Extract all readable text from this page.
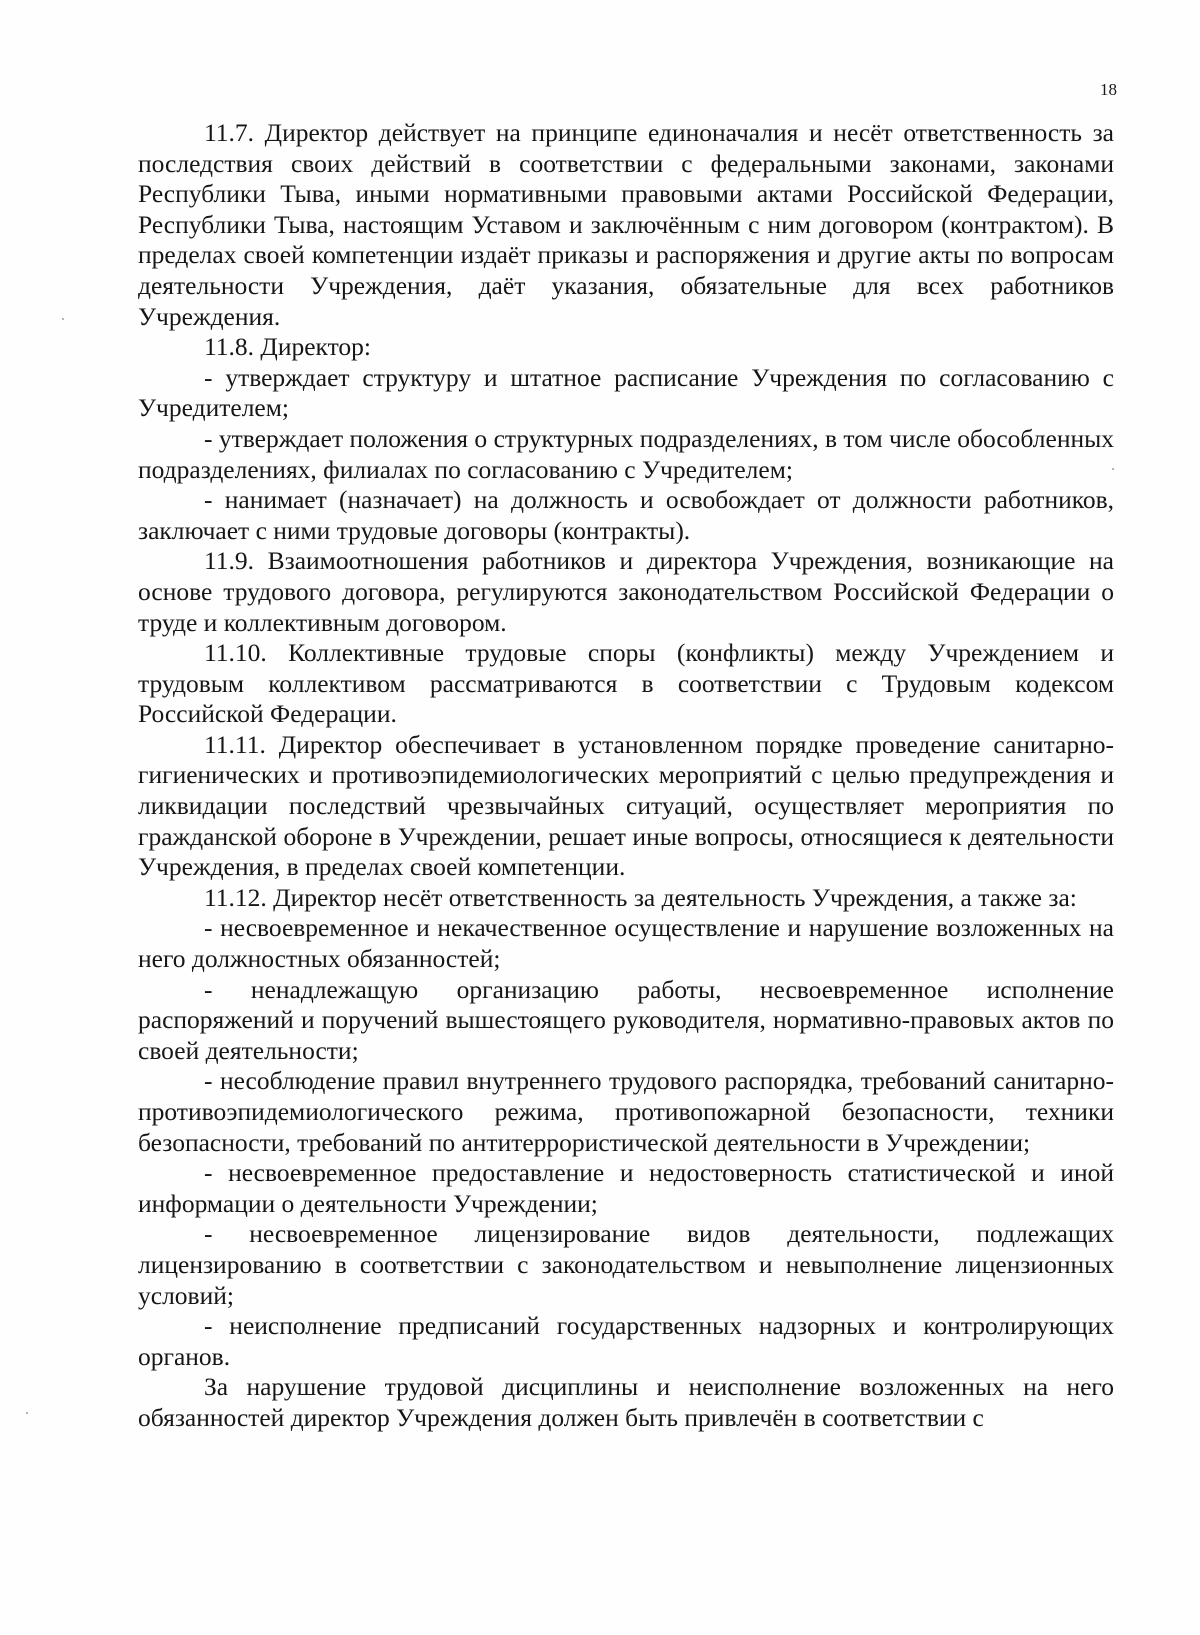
18

11.7. Директор действует на принципе единоначалия и несёт ответственность за последствия своих действий в соответствии с федеральными законами, законами Республики Тыва, иными нормативными правовыми актами Российской Федерации, Республики Тыва, настоящим Уставом и заключённым с ним договором (контрактом). В пределах своей компетенции издаёт приказы и распоряжения и другие акты по вопросам деятельности Учреждения, даёт указания, обязательные для всех работников Учреждения.

11.8. Директор:

- утверждает структуру и штатное расписание Учреждения по согласованию с Учредителем;

- утверждает положения о структурных подразделениях, в том числе обособленных подразделениях, филиалах по согласованию с Учредителем;

- нанимает (назначает) на должность и освобождает от должности работников, заключает с ними трудовые договоры (контракты).

11.9. Взаимоотношения работников и директора Учреждения, возникающие на основе трудового договора, регулируются законодательством Российской Федерации о труде и коллективным договором.

11.10. Коллективные трудовые споры (конфликты) между Учреждением и трудовым коллективом рассматриваются в соответствии с Трудовым кодексом Российской Федерации.

11.11. Директор обеспечивает в установленном порядке проведение санитарно-гигиенических и противоэпидемиологических мероприятий с целью предупреждения и ликвидации последствий чрезвычайных ситуаций, осуществляет мероприятия по гражданской обороне в Учреждении, решает иные вопросы, относящиеся к деятельности Учреждения, в пределах своей компетенции.

11.12. Директор несёт ответственность за деятельность Учреждения, а также за:

- несвоевременное и некачественное осуществление и нарушение возложенных на него должностных обязанностей;

- ненадлежащую организацию работы, несвоевременное исполнение распоряжений и поручений вышестоящего руководителя, нормативно-правовых актов по своей деятельности;

- несоблюдение правил внутреннего трудового распорядка, требований санитарно-противоэпидемиологического режима, противопожарной безопасности, техники безопасности, требований по антитеррористической деятельности в Учреждении;

- несвоевременное предоставление и недостоверность статистической и иной информации о деятельности Учреждении;

- несвоевременное лицензирование видов деятельности, подлежащих лицензированию в соответствии с законодательством и невыполнение лицензионных условий;

- неисполнение предписаний государственных надзорных и контролирующих органов.

За нарушение трудовой дисциплины и неисполнение возложенных на него обязанностей директор Учреждения должен быть привлечён в соответствии с
